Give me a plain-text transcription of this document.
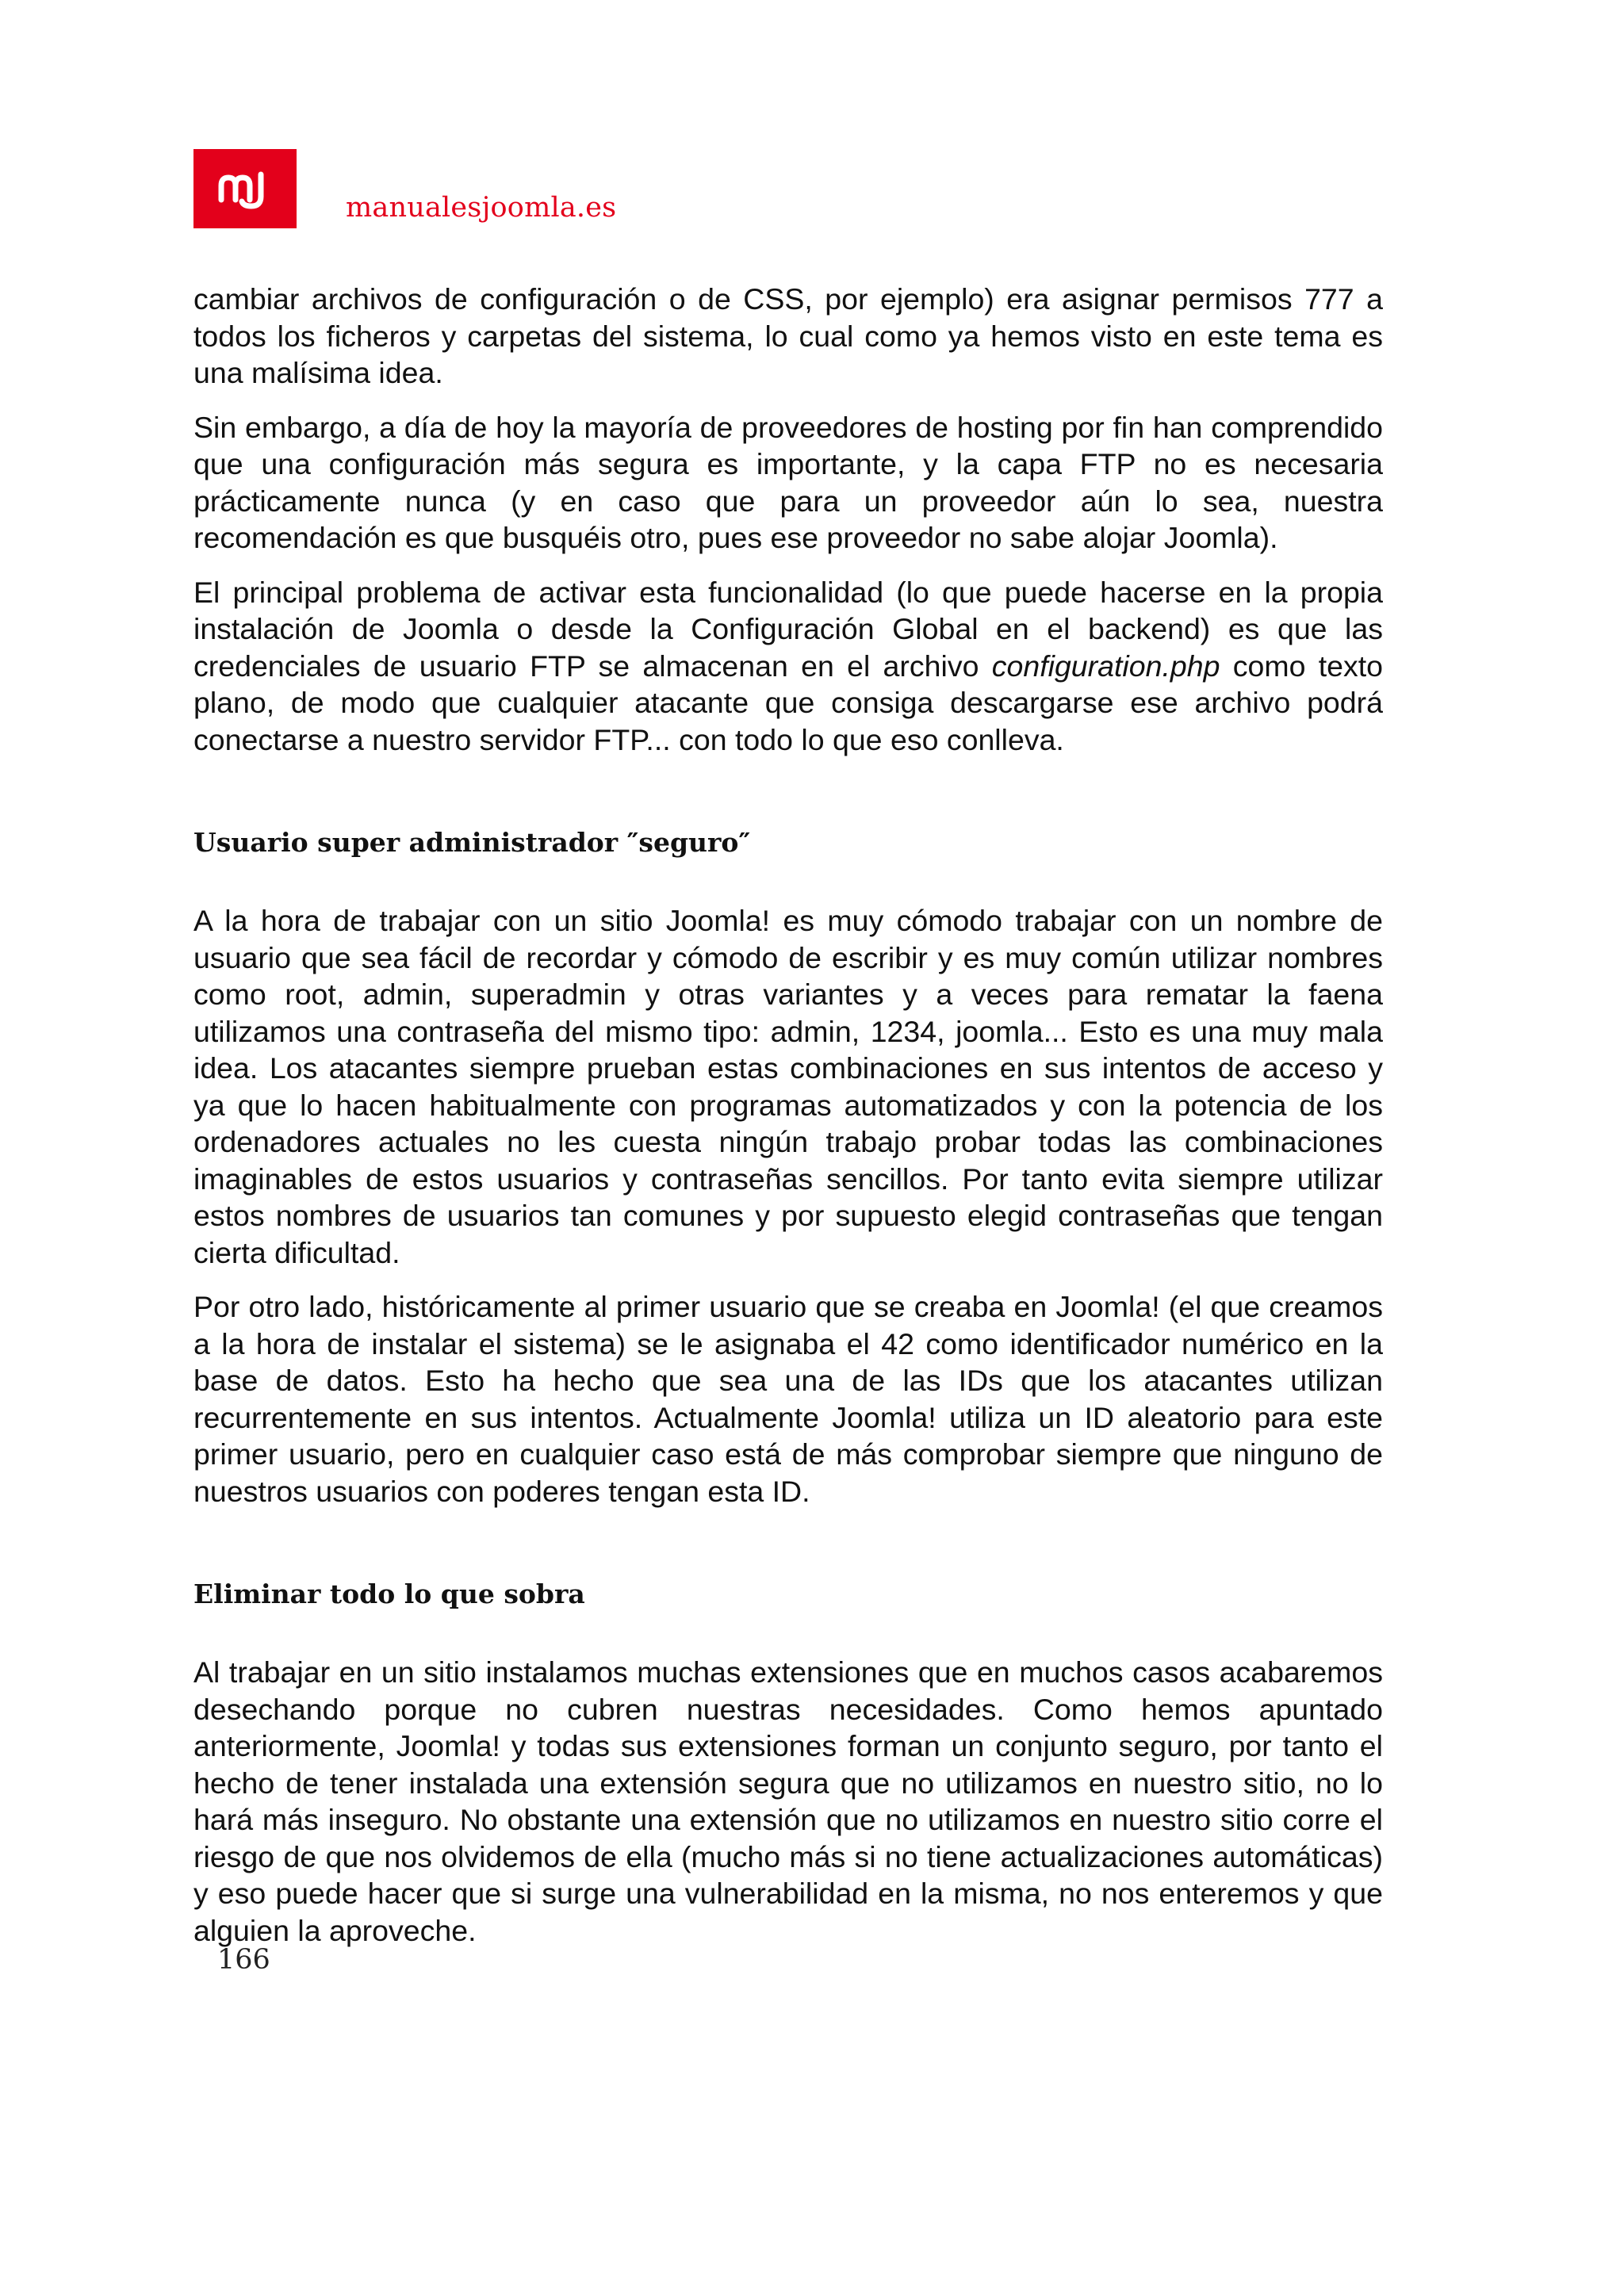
manualesjoomla.es

cambiar archivos de configuración o de CSS, por ejemplo) era asignar permisos 777 a todos los ficheros y carpetas del sistema, lo cual como ya hemos visto en este tema es una malísima idea.

Sin embargo, a día de hoy la mayoría de proveedores de hosting por fin han comprendido que una configuración más segura es importante, y la capa FTP no es necesaria prácticamente nunca (y en caso que para un proveedor aún lo sea, nuestra recomendación es que busquéis otro, pues ese proveedor no sabe alojar Joomla).

El principal problema de activar esta funcionalidad (lo que puede hacerse en la propia instalación de Joomla o desde la Configuración Global en el backend) es que las credenciales de usuario FTP se almacenan en el archivo configuration.php como texto plano, de modo que cualquier atacante que consiga descargarse ese archivo podrá conectarse a nuestro servidor FTP... con todo lo que eso conlleva.

Usuario super administrador ″seguro″

A la hora de trabajar con un sitio Joomla! es muy cómodo trabajar con un nombre de usuario que sea fácil de recordar y cómodo de escribir y es muy común utilizar nombres como root, admin, superadmin y otras variantes y a veces para rematar la faena utilizamos una contraseña del mismo tipo: admin, 1234, joomla... Esto es una muy mala idea. Los atacantes siempre prueban estas combinaciones en sus intentos de acceso y ya que lo hacen habitualmente con programas automatizados y con la potencia de los ordenadores actuales no les cuesta ningún trabajo probar todas las combinaciones imaginables de estos usuarios y contraseñas sencillos. Por tanto evita siempre utilizar estos nombres de usuarios tan comunes y por supuesto elegid contraseñas que tengan cierta dificultad.

Por otro lado, históricamente al primer usuario que se creaba en Joomla! (el que creamos a la hora de instalar el sistema) se le asignaba el 42 como identificador numérico en la base de datos. Esto ha hecho que sea una de las IDs que los atacantes utilizan recurrentemente en sus intentos. Actualmente Joomla! utiliza un ID aleatorio para este primer usuario, pero en cualquier caso está de más comprobar siempre que ninguno de nuestros usuarios con poderes tengan esta ID.

Eliminar todo lo que sobra

Al trabajar en un sitio instalamos muchas extensiones que en muchos casos acabaremos desechando porque no cubren nuestras necesidades. Como hemos apuntado anteriormente, Joomla! y todas sus extensiones forman un conjunto seguro, por tanto el hecho de tener instalada una extensión segura que no utilizamos en nuestro sitio, no lo hará más inseguro. No obstante una extensión que no utilizamos en nuestro sitio corre el riesgo de que nos olvidemos de ella (mucho más si no tiene actualizaciones automáticas) y eso puede hacer que si surge una vulnerabilidad en la misma, no nos enteremos y que alguien la aproveche.

166
